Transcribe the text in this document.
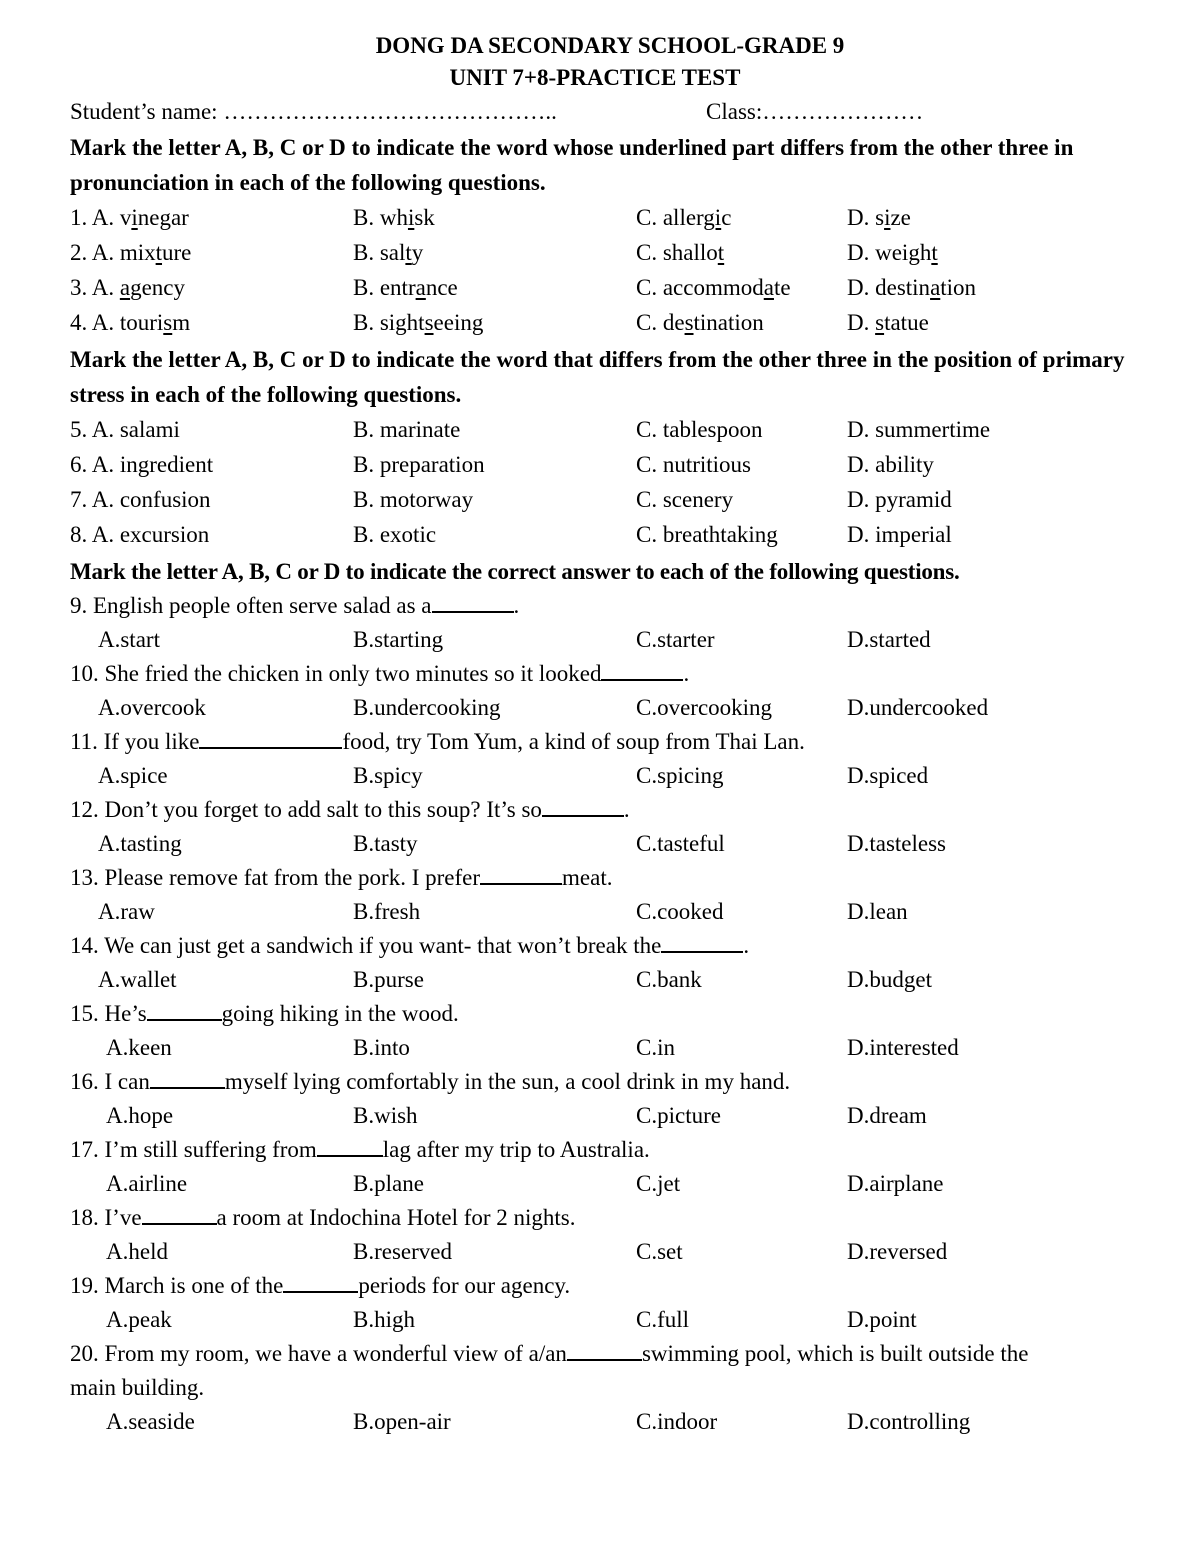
DONG DA SECONDARY SCHOOL-GRADE 9
UNIT 7+8-PRACTICE TEST
Student’s name: ……………………………………..	Class:…………………
Mark the letter A, B, C or D to indicate the word whose underlined part differs from the other three in pronunciation in each of the following questions.
1. A. vinegar	B. whisk	C. allergic	D. size
2. A. mixture	B. salty	C. shallot	D. weight
3. A. agency	B. entrance	C. accommodate D. destination
4. A. tourism	B. sightseeing	C. destination	D. statue
Mark the letter A, B, C or D to indicate the word that differs from the other three in the position of primary stress in each of the following questions.
5. A. salami	B. marinate	C. tablespoon	D. summertime
6. A. ingredient	B. preparation	C. nutritious	D. ability
7. A. confusion	B. motorway	C. scenery	D. pyramid
8. A. excursion	B. exotic	C. breathtaking	D. imperial
Mark the letter A, B, C or D to indicate the correct answer to each of the following questions.
9. English people often serve salad as a	.
A.start	B.starting	C.starter	D.started
10. She fried the chicken in only two minutes so it looked	.
A.overcook	B.undercooking	C.overcooking	D.undercooked
11. If you like	food, try Tom Yum, a kind of soup from Thai Lan.
A.spice	B.spicy	C.spicing	D.spiced
12. Don’t you forget to add salt to this soup? It’s so	.
A.tasting	B.tasty	C.tasteful	D.tasteless
13. Please remove fat from the pork. I prefer	meat.
A.raw	B.fresh	C.cooked	D.lean
14. We can just get a sandwich if you want- that won’t break the	.
A.wallet	B.purse	C.bank	D.budget
15. He’s	going hiking in the wood.
A.keen	B.into	C.in	D.interested
16. I can	myself lying comfortably in the sun, a cool drink in my hand.
A.hope	B.wish	C.picture	D.dream
17. I’m still suffering from	lag after my trip to Australia.
A.airline	B.plane	C.jet	D.airplane
18. I’ve	a room at Indochina Hotel for 2 nights.
A.held	B.reserved	C.set	D.reversed
19. March is one of the	periods for our agency.
A.peak	B.high	C.full	D.point
20. From my room, we have a wonderful view of a/an	swimming pool, which is built outside the main building.
A.seaside	B.open-air	C.indoor	D.controlling
